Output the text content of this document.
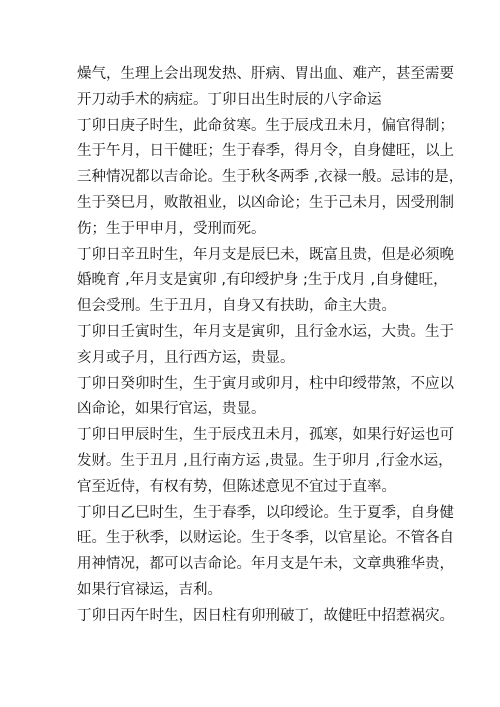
燥气，生理上会出现发热、肝病、胃出血、难产，甚至需要
开刀动手术的病症。丁卯日出生时辰的八字命运
丁卯日庚子时生，此命贫寒。生于辰戌丑未月，偏官得制；
生于午月，日干健旺；生于春季，得月令，自身健旺，以上
三种情况都以吉命论。生于秋冬两季 ,衣禄一般。忌讳的是，
生于癸巳月，败散祖业，以凶命论；生于己未月，因受刑制
伤；生于甲申月，受刑而死。
丁卯日辛丑时生，年月支是辰巳未，既富且贵，但是必须晚
婚晚育 ,年月支是寅卯 ,有印绶护身 ;生于戊月 ,自身健旺，
但会受刑。生于丑月，自身又有扶助，命主大贵。
丁卯日壬寅时生，年月支是寅卯，且行金水运，大贵。生于
亥月或子月，且行西方运，贵显。
丁卯日癸卯时生，生于寅月或卯月，柱中印绶带煞，不应以
凶命论，如果行官运，贵显。
丁卯日甲辰时生，生于辰戌丑未月，孤寒，如果行好运也可
发财。生于丑月 ,且行南方运 ,贵显。生于卯月 ,行金水运，
官至近侍，有权有势，但陈述意见不宜过于直率。
丁卯日乙巳时生，生于春季，以印绶论。生于夏季，自身健
旺。生于秋季，以财运论。生于冬季，以官星论。不管各自
用神情况，都可以吉命论。年月支是午未，文章典雅华贵，
如果行官禄运，吉利。
丁卯日丙午时生，因日柱有卯刑破丁，故健旺中招惹祸灾。
